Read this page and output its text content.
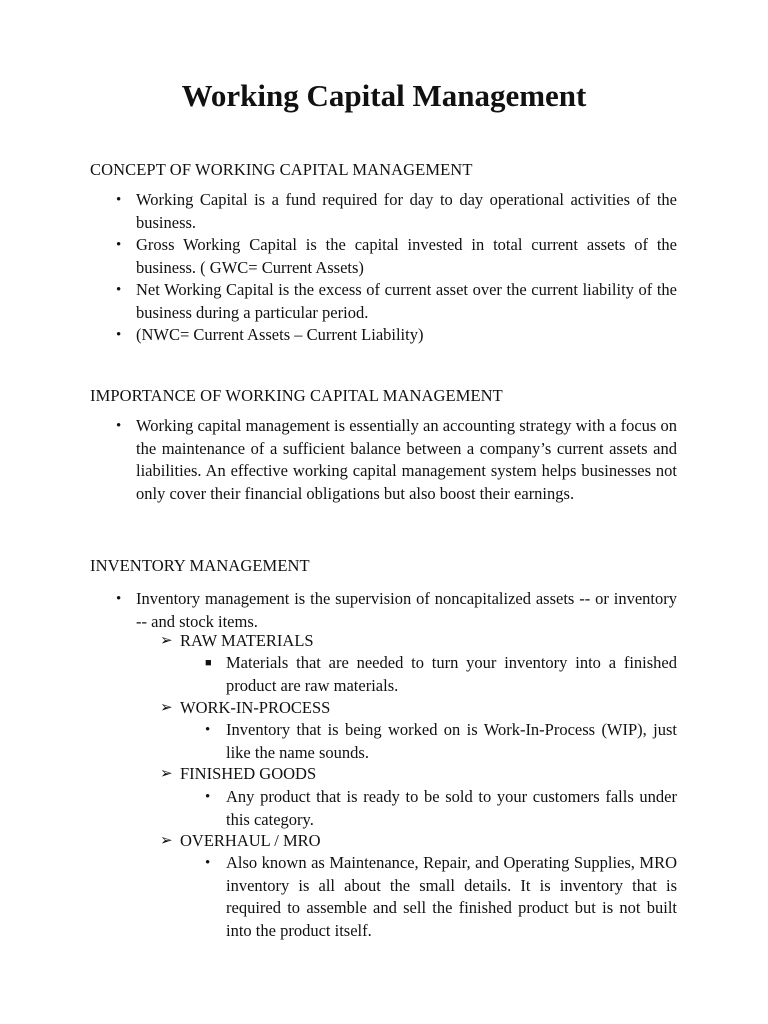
Working Capital Management
CONCEPT OF WORKING CAPITAL MANAGEMENT
• Working Capital is a fund required for day to day operational activities of the business.
• Gross Working Capital is the capital invested in total current assets of the business. ( GWC= Current Assets)
• Net Working Capital is the excess of current asset over the current liability of the business during a particular period.
• (NWC= Current Assets – Current Liability)
IMPORTANCE OF WORKING CAPITAL MANAGEMENT
• Working capital management is essentially an accounting strategy with a focus on the maintenance of a sufficient balance between a company’s current assets and liabilities. An effective working capital management system helps businesses not only cover their financial obligations but also boost their earnings.
INVENTORY MANAGEMENT
• Inventory management is the supervision of noncapitalized assets -- or inventory -- and stock items.
➢ RAW MATERIALS
■ Materials that are needed to turn your inventory into a finished product are raw materials.
➢ WORK-IN-PROCESS
• Inventory that is being worked on is Work-In-Process (WIP), just like the name sounds.
➢ FINISHED GOODS
• Any product that is ready to be sold to your customers falls under this category.
➢ OVERHAUL / MRO
• Also known as Maintenance, Repair, and Operating Supplies, MRO inventory is all about the small details. It is inventory that is required to assemble and sell the finished product but is not built into the product itself.
